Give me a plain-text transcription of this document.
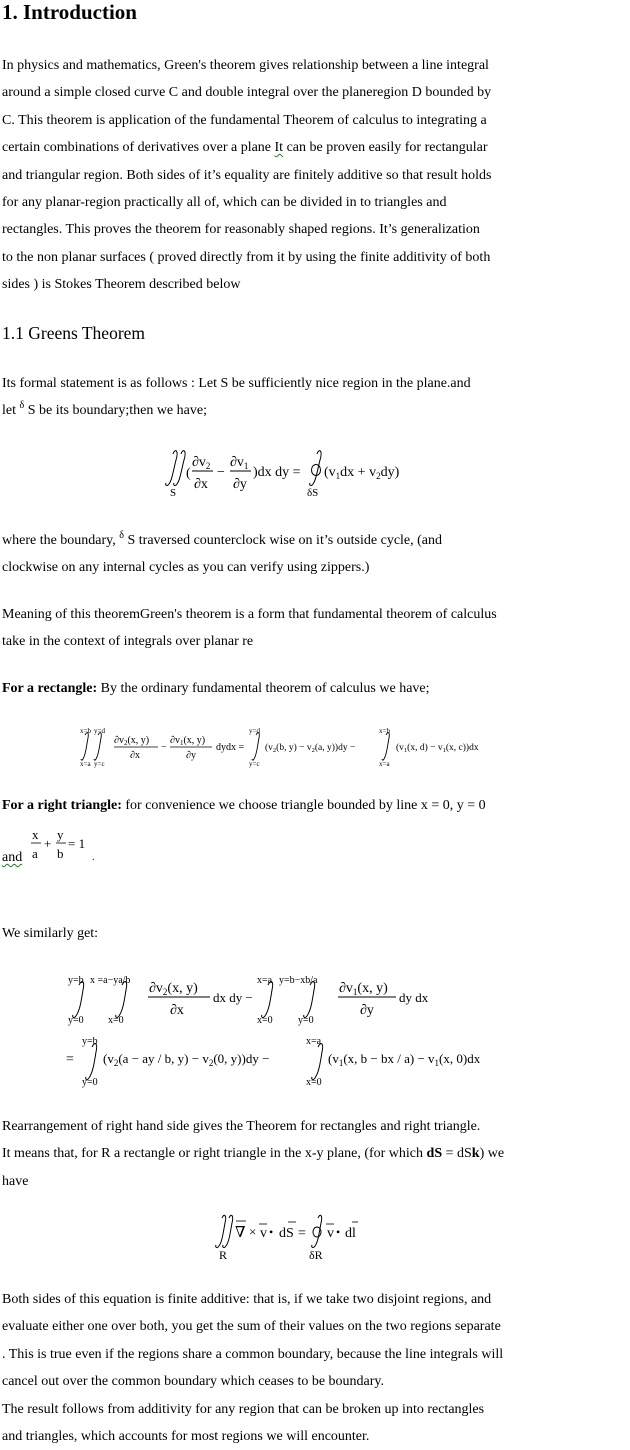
1. Introduction
In physics and mathematics, Green's theorem gives relationship between a line integral
around a simple closed curve C and double integral over the planeregion D bounded by
C. This theorem is application of the fundamental Theorem of calculus to integrating a
certain combinations of derivatives over a plane It can be proven easily for rectangular
and triangular region. Both sides of it’s equality are finitely additive so that result holds
for any planar-region practically all of, which can be divided in to triangles and
rectangles. This proves the theorem for reasonably shaped regions. It’s generalization
to the non planar surfaces ( proved directly from it by using the finite additivity of both
sides ) is Stokes Theorem described below
1.1 Greens Theorem
Its formal statement is as follows : Let S be sufficiently nice region in the plane.and
let $^\delta$ S be its boundary;then we have;
S
(
$\partial v_2$
∂x
−
$\partial v_1$
∂y
)dx dy =
δS
$(v_1dx + v_2dy)$
where the boundary, $^\delta$ S traversed counterclock wise on it’s outside cycle, (and
clockwise on any internal cycles as you can verify using zippers.)
Meaning of this theoremGreen's theorem is a form that fundamental theorem of calculus
take in the context of integrals over planar re
For a rectangle: By the ordinary fundamental theorem of calculus we have;
x=b y=d
x=a y=c
$\partial v_2(x$, y)
∂x
−
$\partial v_1(x$, y)
∂y
dydx =
y=d
y=c
($v_2(b$, $y) - v_2(a$, y))dy −
x=b
x=a
($v_1(x$, $d) - v_1(x$, c))dx
For a right triangle: for convenience we choose triangle bounded by line x = 0, y = 0
and
x
a
+
y
b
= 1
.
We similarly get:
y=b x =a−ya/b
y=0 x=0
$\partial v_2(x$, y)
∂x
dx dy −
x=a y=b−xb/a
x=0	y=0
$\partial v_1(x$, y)
∂y
dy dx
y=b
=
y=0
($v_2(a$ − ay / b, $y) - v_2(0$, y))dy −
x=a
x=0
($v_1(x$, b − bx / $a) - v_1(x$, 0)dx
Rearrangement of right hand side gives the Theorem for rectangles and right triangle.
It means that, for R a rectangle or right triangle in the x-y plane, (for which dS = dSk) we
have
R
∇ × v • dS =
δR
v • dl
Both sides of this equation is finite additive: that is, if we take two disjoint regions, and
evaluate either one over both, you get the sum of their values on the two regions separate
. This is true even if the regions share a common boundary, because the line integrals will
cancel out over the common boundary which ceases to be boundary.
The result follows from additivity for any region that can be broken up into rectangles
and triangles, which accounts for most regions we will encounter.
